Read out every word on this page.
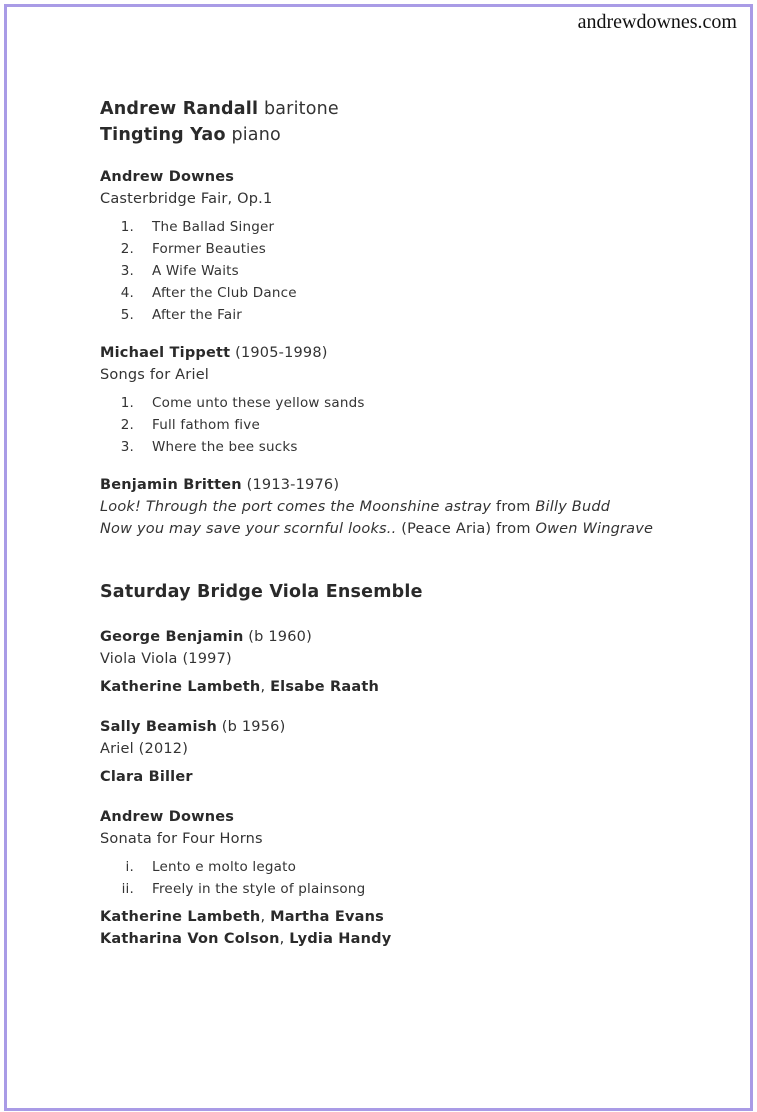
andrewdownes.com
Andrew Randall baritone
Tingting Yao piano
Andrew Downes
Casterbridge Fair, Op.1
1.	The Ballad Singer
2.	Former Beauties
3.	A Wife Waits
4.	After the Club Dance
5.	After the Fair
Michael Tippett (1905-1998)
Songs for Ariel
1.	Come unto these yellow sands
2.	Full fathom five
3.	Where the bee sucks
Benjamin Britten (1913-1976)
Look! Through the port comes the Moonshine astray from Billy Budd
Now you may save your scornful looks.. (Peace Aria) from Owen Wingrave
Saturday Bridge Viola Ensemble
George Benjamin (b 1960)
Viola Viola (1997)
Katherine Lambeth, Elsabe Raath
Sally Beamish (b 1956)
Ariel (2012)
Clara Biller
Andrew Downes
Sonata for Four Horns
i.	Lento e molto legato
ii.	Freely in the style of plainsong
Katherine Lambeth, Martha Evans
Katharina Von Colson, Lydia Handy
